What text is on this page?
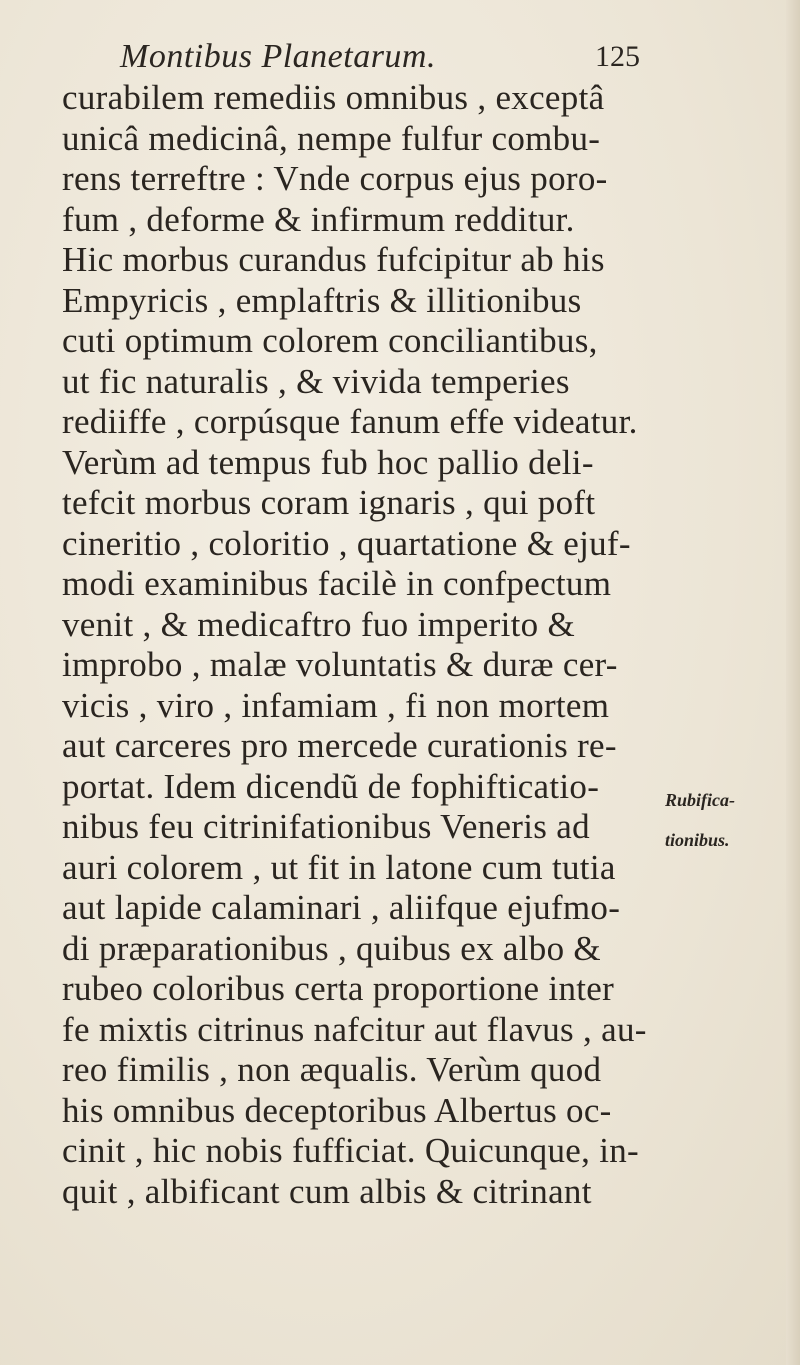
Montibus Planetarum.	125
curabilem remediis omnibus , exceptâ
unicâ medicinâ, nempe fulfur combu-
rens terreftre : Vnde corpus ejus poro-
fum , deforme & infirmum redditur.
Hic morbus curandus fufcipitur ab his
Empyricis , emplaftris & illitionibus
cuti optimum colorem conciliantibus,
ut fic naturalis , & vivida temperies
rediiffe , corpúsque fanum effe videatur.
Verùm ad tempus fub hoc pallio deli-
tefcit morbus coram ignaris , qui poft
cineritio , coloritio , quartatione & ejuf-
modi examinibus facilè in confpectum
venit , & medicaftro fuo imperito &
improbo , malæ voluntatis & duræ cer-
vicis , viro , infamiam , fi non mortem
aut carceres pro mercede curationis re-
portat. Idem dicendũ de fophifticatio-
nibus feu citrinifationibus Veneris ad
auri colorem , ut fit in latone cum tutia
aut lapide calaminari , aliifque ejufmo-
di præparationibus , quibus ex albo &
rubeo coloribus certa proportione inter
fe mixtis citrinus nafcitur aut flavus , au-
reo fimilis , non æqualis. Verùm quod
his omnibus deceptoribus Albertus oc-
cinit , hic nobis fufficiat. Quicunque, in-
quit , albificant cum albis & citrinant
Rubifica-
tionibus.
